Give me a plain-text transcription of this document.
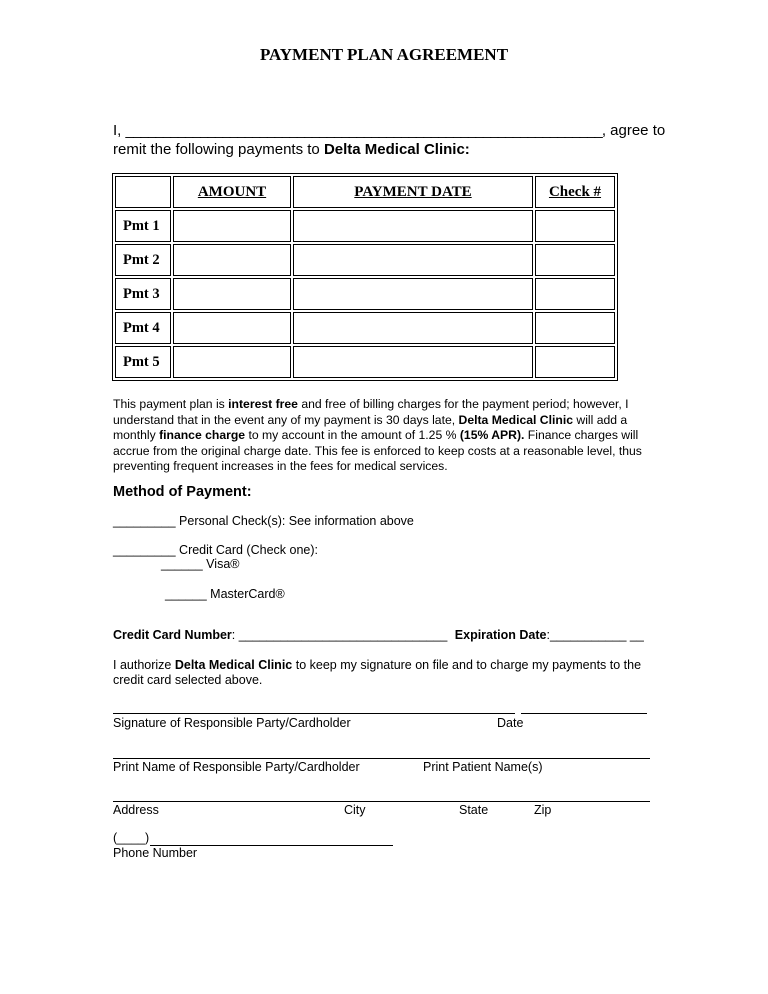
PAYMENT PLAN AGREEMENT
I, ________________________________________________________________, agree to
remit the following payments to Delta Medical Clinic:
	AMOUNT	PAYMENT DATE	Check #
Pmt 1			
Pmt 2			
Pmt 3			
Pmt 4			
Pmt 5			

This payment plan is interest free and free of billing charges for the payment period; however, I understand that in the event any of my payment is 30 days late, Delta Medical Clinic will add a monthly finance charge to my account in the amount of 1.25 % (15% APR). Finance charges will accrue from the original charge date. This fee is enforced to keep costs at a reasonable level, thus preventing frequent increases in the fees for medical services.

Method of Payment:
_________ Personal Check(s): See information above
_________ Credit Card (Check one):
______ Visa®
______ MasterCard®
Credit Card Number: ______________________________ Expiration Date:___________ __
I authorize Delta Medical Clinic to keep my signature on file and to charge my payments to the
credit card selected above.
Signature of Responsible Party/Cardholder	Date
Print Name of Responsible Party/Cardholder	Print Patient Name(s)
Address	City	State	Zip
(____)
Phone Number
